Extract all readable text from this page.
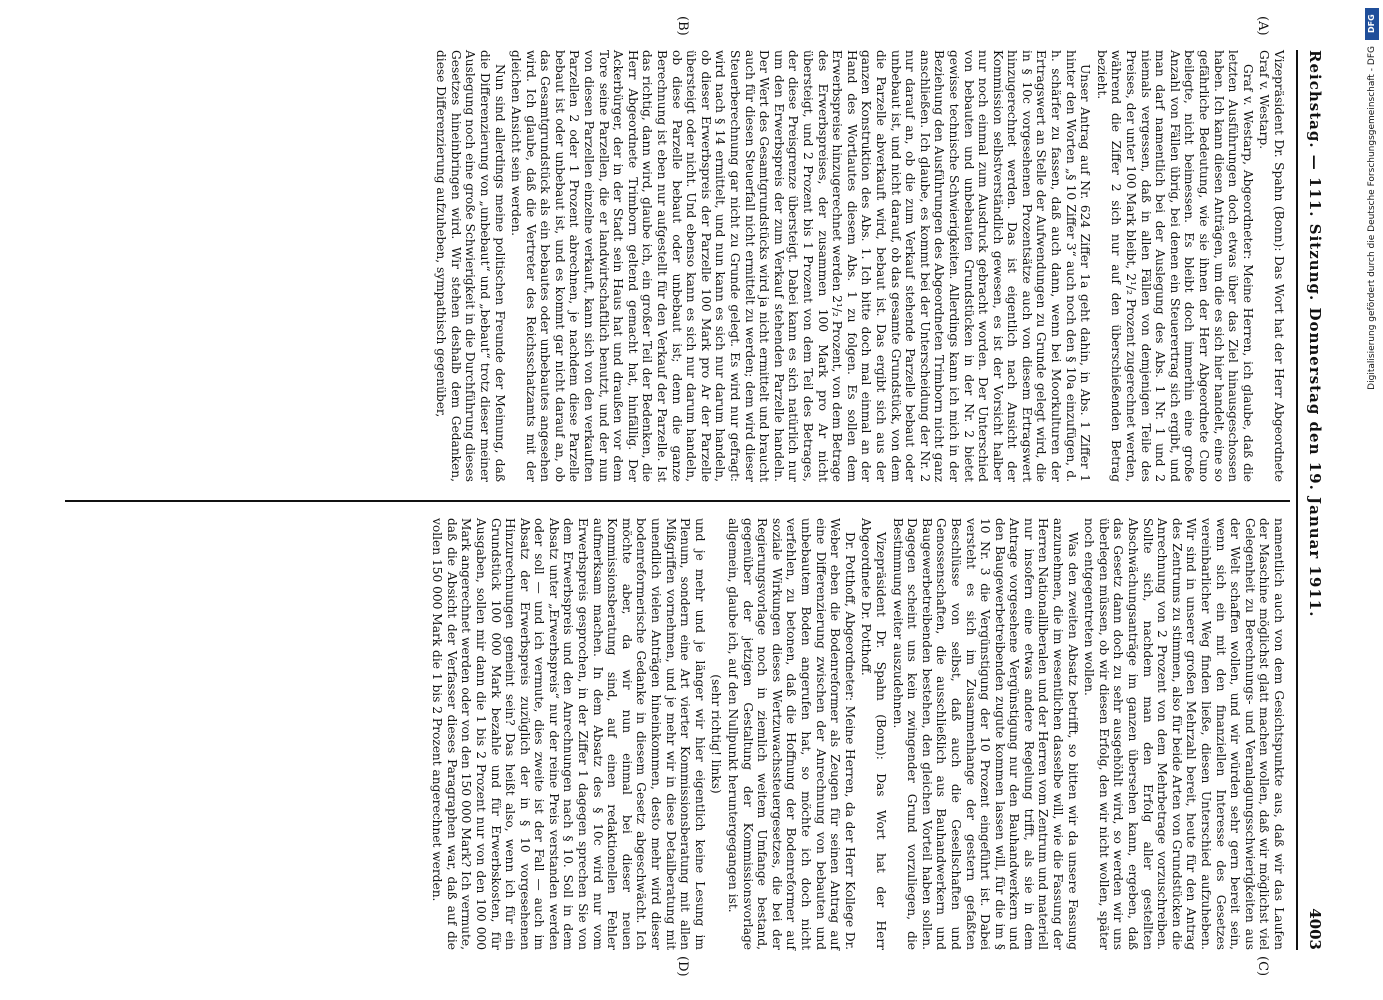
Reichstag. — 111. Sitzung. Donnerstag den 19. Januar 1911.
4003
(A)
(B)
(C)
(D)

Vizepräsident Dr. Spahn (Bonn): Das Wort hat der Herr Abgeordnete Graf v. Westarp.

Graf v. Westarp, Abgeordneter: Meine Herren, ich glaube, daß die letzten Ausführungen doch etwas über das Ziel hinausgeschossen haben. Ich kann diesen Anträgen, um die es sich hier handelt, eine so gefährliche Bedeutung, wie sie ihnen der Herr Abgeordnete Cuno beilegte, nicht beimessen. Es bleibt doch immerhin eine große Anzahl von Fällen übrig, bei denen ein Steuerertrag sich ergibt, und man darf namentlich bei der Auslegung des Abs. 1 Nr. 1 und 2 niemals vergessen, daß in allen Fällen von demjenigen Teile des Preises, der unter 100 Mark bleibt, 2¹/₂ Prozent zugerechnet werden, während die Ziffer 2 sich nur auf den überschießenden Betrag bezieht.

Unser Antrag auf Nr. 624 Ziffer 1a geht dahin, in Abs. 1 Ziffer 1 hinter den Worten „§ 10 Ziffer 3“ auch noch den § 10a einzufügen, d. h. schärfer zu fassen, daß auch dann, wenn bei Moorkulturen der Ertragswert an Stelle der Aufwendungen zu Grunde gelegt wird, die in § 10c vorgesehenen Prozentsätze auch von diesem Ertragswert hinzugerechnet werden. Das ist eigentlich nach Ansicht der Kommission selbstverständlich gewesen, es ist der Vorsicht halber nur noch einmal zum Ausdruck gebracht worden. Der Unterschied von bebauten und unbebauten Grundstücken in der Nr. 2 bietet gewisse technische Schwierigkeiten. Allerdings kann ich mich in der Beziehung den Ausführungen des Abgeordneten Trimborn nicht ganz anschließen. Ich glaube, es kommt bei der Unterscheidung der Nr. 2 nur darauf an, ob die zum Verkauf stehende Parzelle bebaut oder unbebaut ist, und nicht darauf, ob das gesamte Grundstück, von dem die Parzelle abverkauft wird, bebaut ist. Das ergibt sich aus der ganzen Konstruktion des Abs. 1. Ich bitte doch mal einmal an der Hand des Wortlautes diesem Abs. 1 zu folgen. Es sollen dem Erwerbspreise hinzugerechnet werden 2¹/₂ Prozent, von dem Betrage des Erwerbspreises, der zusammen 100 Mark pro Ar nicht übersteigt, und 2 Prozent bis 1 Prozent von dem Teil des Betrages, der diese Preisgrenze übersteigt. Dabei kann es sich natürlich nur um den Erwerbspreis der zum Verkauf stehenden Parzelle handeln. Der Wert des Gesamtgrundstücks wird ja nicht ermittelt und braucht auch für diesen Steuerfall nicht ermittelt zu werden; dem wird dieser Steuerberechnung gar nicht zu Grunde gelegt. Es wird nur gefragt: wird nach § 14 ermittelt, und nun kann es sich nur darum handeln, ob dieser Erwerbspreis der Parzelle 100 Mark pro Ar der Parzelle übersteigt oder nicht. Und ebenso kann es sich nur darum handeln, ob diese Parzelle bebaut oder unbebaut ist; denn die ganze Berechnung ist eben nur aufgestellt für den Verkauf der Parzelle. Ist das richtig, dann wird, glaube ich, ein großer Teil der Bedenken, die Herr Abgeordnete Trimborn geltend gemacht hat, hinfällig. Der Ackerbürger, der in der Stadt sein Haus hat und draußen vor dem Tore seine Parzellen, die er landwirtschaftlich benutzt, und der nun von diesen Parzellen einzelne verkauft, kann sich von den verkauften Parzellen 2 oder 1 Prozent abrechnen, je nachdem diese Parzelle bebaut ist oder unbebaut ist, und es kommt gar nicht darauf an, ob das Gesamtgrundstück als ein bebautes oder unbebautes angesehen wird. Ich glaube, daß die Vertreter des Reichsschatzamts mit der gleichen Ansicht sein werden.

Nun sind allerdings meine politischen Freunde der Meinung, daß die Differenzierung von „unbebaut“ und „bebaut“ trotz dieser meiner Auslegung noch eine große Schwierigkeit in die Durchführung dieses Gesetzes hineinbringen wird. Wir stehen deshalb dem Gedanken, diese Differenzierung aufzuheben, sympathisch gegenüber,

namentlich auch von dem Gesichtspunkte aus, daß wir das Laufen der Maschine möglichst glatt machen wollen, daß wir möglichst viel Gelegenheit zu Berechnungs- und Veranlagungsschwierigkeiten aus der Welt schaffen wollen, und wir würden sehr gern bereit sein, wenn sich ein mit den finanziellen Interesse des Gesetzes vereinbarlicher Weg finden ließe, diesen Unterschied aufzuheben. Wir sind in unserer großen Mehrzahl bereit, heute für den Antrag des Zentrums zu stimmen, also für beide Arten von Grundstücken die Anrechnung von 2 Prozent von dem Mehrbetrage vorzuschreiben. Sollte sich, nachdem man den Erfolg aller gestellten Abschwächungsanträge im ganzen übersehen kann, ergeben, daß das Gesetz dann doch zu sehr ausgehöhlt wird, so werden wir uns überlegen müssen, ob wir diesen Erfolg, den wir nicht wollen, später noch entgegentreten wollen.

Was den zweiten Absatz betrifft, so bitten wir da unsere Fassung anzunehmen, die im wesentlichen dasselbe will, wie die Fassung der Herren Nationalliberalen und der Herren vom Zentrum und materiell nur insofern eine etwas andere Regelung trifft, als sie in dem Antrage vorgesehene Vergünstigung nur den Bauhandwerkern und den Baugewerbetreibenden zugute kommen lassen will, für die im § 10 Nr. 3 die Vergünstigung der 10 Prozent eingeführt ist. Dabei versteht es sich im Zusammenhange der gestern gefaßten Beschlüsse von selbst, daß auch die Gesellschaften und Genossenschaften, die ausschließlich aus Bauhandwerkern und Baugewerbetreibenden bestehen, den gleichen Vorteil haben sollen. Dagegen scheint uns kein zwingender Grund vorzuliegen, die Bestimmung weiter auszudehnen.

Vizepräsident Dr. Spahn (Bonn): Das Wort hat der Herr Abgeordnete Dr. Potthoff.

Dr. Potthoff, Abgeordneter: Meine Herren, da der Herr Kollege Dr. Weber eben die Bodenreformer als Zeugen für seinen Antrag auf eine Differenzierung zwischen der Anrechnung von bebauten und unbebautem Boden angerufen hat, so möchte ich doch nicht verfehlen, zu betonen, daß die Hoffnung der Bodenreformer auf soziale Wirkungen dieses Wertzuwachssteuergesetzes, die bei der Regierungsvorlage noch in ziemlich weitem Umfange bestand, gegenüber der jetzigen Gestaltung der Kommissionsvorlage allgemein, glaube ich, auf den Nullpunkt heruntergegangen ist.

(sehr richtig! links)

und je mehr und je länger wir hier eigentlich keine Lesung im Plenum, sondern eine Art vierter Kommissionsberatung mit allen Mißgriffen vornehmen, und je mehr wir in diese Detailberatung mit unendlich vielen Anträgen hineinkommen, desto mehr wird dieser bodenreformerische Gedanke in diesem Gesetz abgeschwächt. Ich möchte aber, da wir nun einmal bei dieser neuen Kommissionsberatung sind, auf einen redaktionellen Fehler aufmerksam machen. In dem Absatz des § 10c wird nur vom Erwerbspreis gesprochen, in der Ziffer 1 dagegen sprechen Sie von dem Erwerbspreis und den Anrechnungen nach § 10. Soll in dem Absatz unter „Erwerbspreis“ nur der reine Preis verstanden werden oder soll — und ich vermute, dies zweite ist der Fall — auch im Absatz der Erwerbspreis zuzüglich der in § 10 vorgesehenen Hinzurechnungen gemeint sein? Das heißt also, wenn ich für ein Grundstück 100 000 Mark bezahle und für Erwerbskosten, für Ausgaben, sollen mir dann die 1 bis 2 Prozent nur von den 100 000 Mark angerechnet werden oder von den 150 000 Mark? Ich vermute, daß die Absicht der Verfasser dieses Paragraphen war, daß auf die vollen 150 000 Mark die 1 bis 2 Prozent angerechnet werden.

DFG
Digitalisierung gefördert durch die Deutsche Forschungsgemeinschaft - DFG
